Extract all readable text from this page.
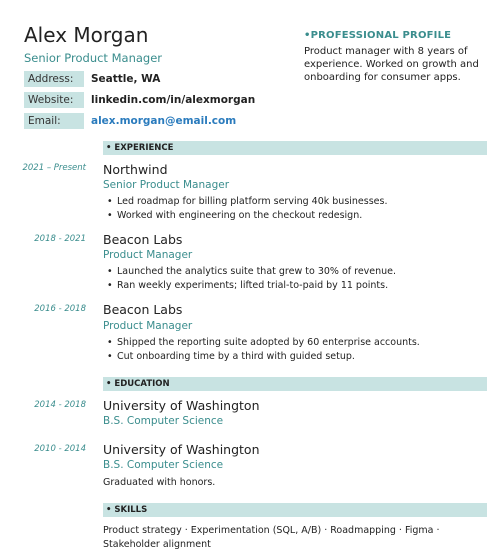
Alex Morgan
Senior Product Manager
Address:	Seattle, WA
Website:	linkedin.com/in/alexmorgan
Email:	alex.morgan@email.com
•PROFESSIONAL PROFILE
Product manager with 8 years of experience. Worked on growth and onboarding for consumer apps.
• EXPERIENCE
2021 – Present Northwind
Senior Product Manager
• Led roadmap for billing platform serving 40k businesses.
• Worked with engineering on the checkout redesign.
2018 - 2021 Beacon Labs
Product Manager
• Launched the analytics suite that grew to 30% of revenue.
• Ran weekly experiments; lifted trial-to-paid by 11 points.
2016 - 2018 Beacon Labs
Product Manager
• Shipped the reporting suite adopted by 60 enterprise accounts.
• Cut onboarding time by a third with guided setup.
• EDUCATION
2014 - 2018 University of Washington
B.S. Computer Science
2010 - 2014 University of Washington
B.S. Computer Science
Graduated with honors.
• SKILLS
Product strategy · Experimentation (SQL, A/B) · Roadmapping · Figma · Stakeholder alignment
